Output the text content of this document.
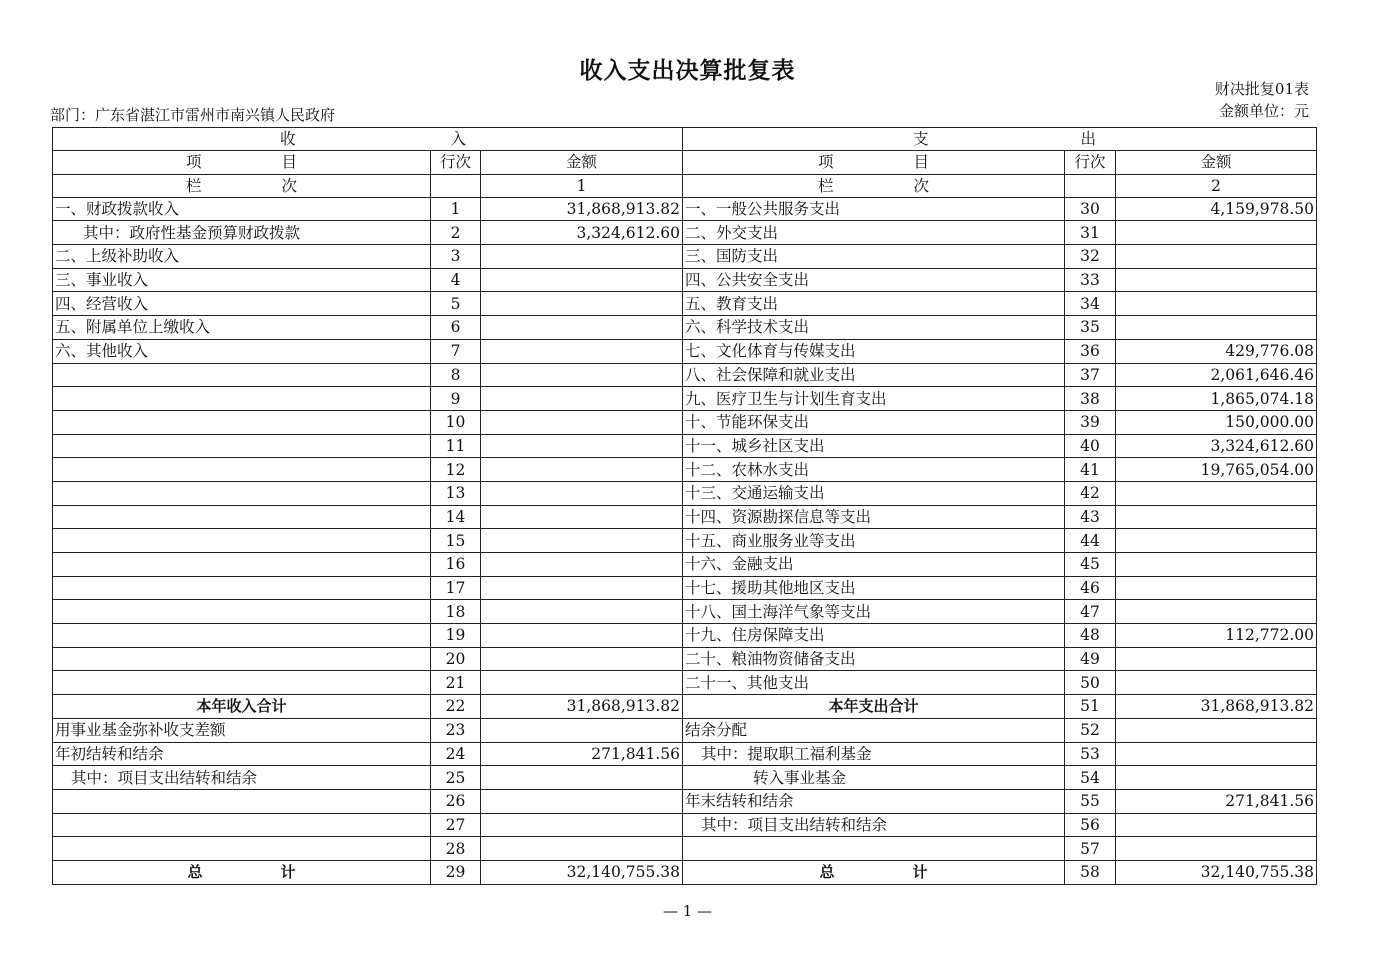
收入支出决算批复表
财决批复01表
金额单位：元
部门：广东省湛江市雷州市南兴镇人民政府
收 入			支 出		
项 目	行次	金额	项 目	行次	金额
栏 次		1	栏 次		2
一、财政拨款收入	1	31,868,913.82	一、一般公共服务支出	30	4,159,978.50
其中：政府性基金预算财政拨款	2	3,324,612.60	二、外交支出	31	
二、上级补助收入	3		三、国防支出	32	
三、事业收入	4		四、公共安全支出	33	
四、经营收入	5		五、教育支出	34	
五、附属单位上缴收入	6		六、科学技术支出	35	
六、其他收入	7		七、文化体育与传媒支出	36	429,776.08
	8		八、社会保障和就业支出	37	2,061,646.46
	9		九、医疗卫生与计划生育支出	38	1,865,074.18
	10		十、节能环保支出	39	150,000.00
	11		十一、城乡社区支出	40	3,324,612.60
	12		十二、农林水支出	41	19,765,054.00
	13		十三、交通运输支出	42	
	14		十四、资源勘探信息等支出	43	
	15		十五、商业服务业等支出	44	
	16		十六、金融支出	45	
	17		十七、援助其他地区支出	46	
	18		十八、国土海洋气象等支出	47	
	19		十九、住房保障支出	48	112,772.00
	20		二十、粮油物资储备支出	49	
	21		二十一、其他支出	50	
本年收入合计	22	31,868,913.82	本年支出合计	51	31,868,913.82
用事业基金弥补收支差额	23		结余分配	52	
年初结转和结余	24	271,841.56	其中：提取职工福利基金	53	
其中：项目支出结转和结余	25		转入事业基金	54	
	26		年末结转和结余	55	271,841.56
	27		其中：项目支出结转和结余	56	
	28			57	
总 计	29	32,140,755.38	总 计	58	32,140,755.38
— 1 —
